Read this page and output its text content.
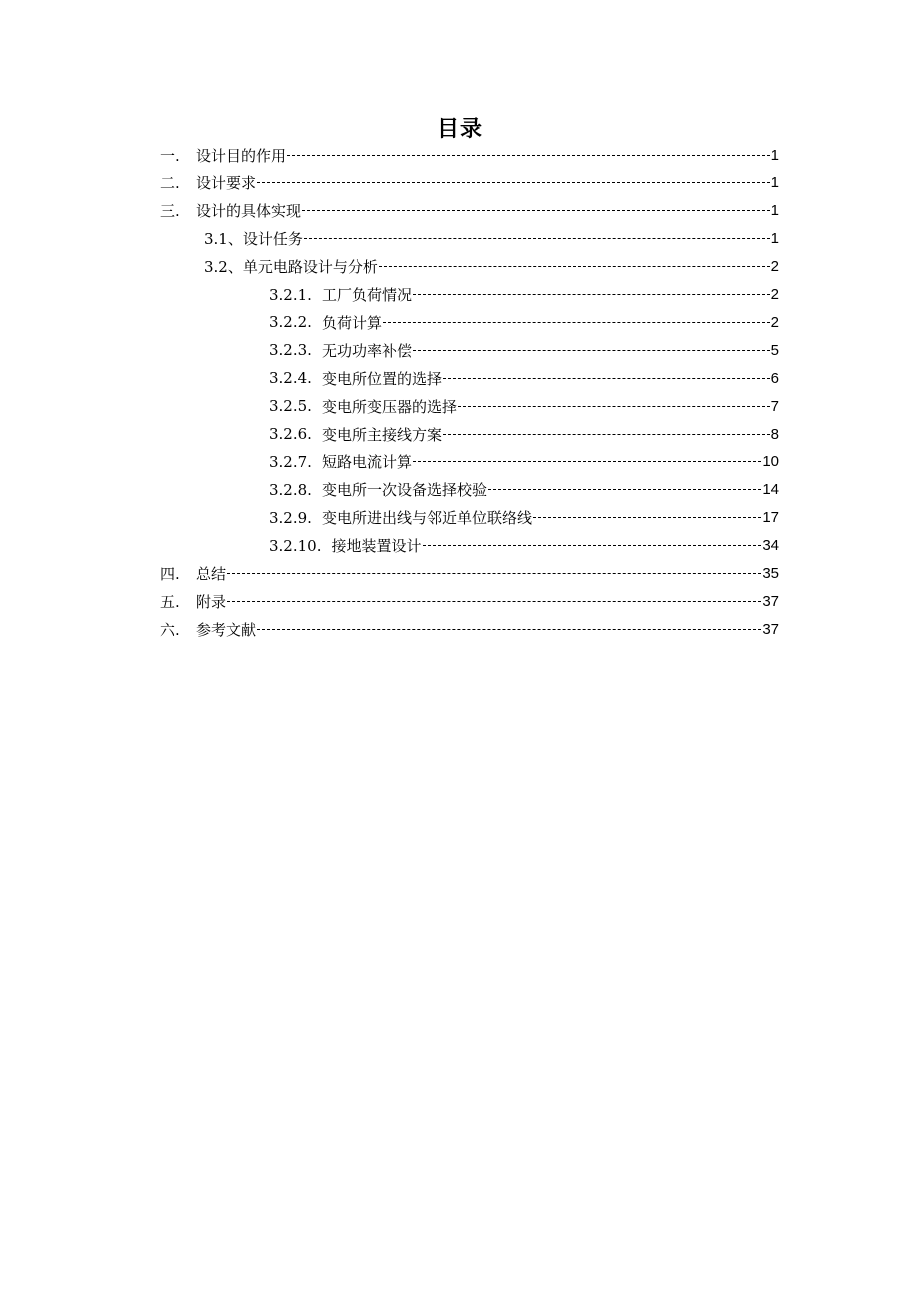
目录
一.	设计目的作用	1
二.	设计要求	1
三.	设计的具体实现	1
3.1、 设计任务	1
3.2、 单元电路设计与分析	2
3.2.1. 工厂负荷情况	2
3.2.2. 负荷计算	2
3.2.3. 无功功率补偿	5
3.2.4. 变电所位置的选择	6
3.2.5. 变电所变压器的选择	7
3.2.6. 变电所主接线方案	8
3.2.7. 短路电流计算	10
3.2.8. 变电所一次设备选择校验	14
3.2.9. 变电所进出线与邻近单位联络线	17
3.2.10. 接地装置设计	34
四.	总结	35
五.	附录	37
六.	参考文献	37
